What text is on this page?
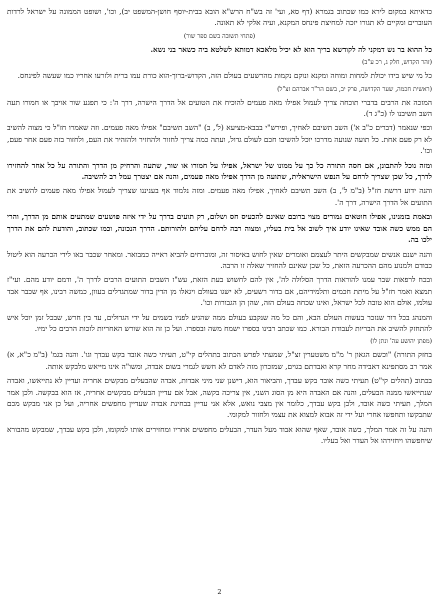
כדאיתא במקום לירא כמו שכתוב בגמרא (דף סא, ועי' זה בש"ח הרש"א הובא בבית-יוסף חושן-המשפט יב), וכו', ושופט הממונה על ישראל לרדות העוברים ומקיים לא תגורו יזכה למחיצת פינחס המקנא, ועיה אלקי לא תאונה.

(פתחי תשובה בשם ספר שור)

כל ההוא בר נש דמקני לה לקודשא בריך הוא לא יכיל מלאכא דמותא לשלטא ביה כשאר בני נשא.

(זהר הקדוש, חלק ג, רכ ע"ב)

כל מי שיש בידו יכולת למחות ומוחה ומקנא ונוקם נקמות מהרשעים בעולם הזה, הקדוש-ברוך-הוא כורת עמו ברית ולזרעו אחריו כמו שעשה לפינחס.

(ראשית חכמה, שער הקדושה, פרק יב, בשם הר"ר אברהם זצ"ל)

המזכה את הרבים בדברי תוכחה צריך לעמול אפילו מאה פעמים להוכיח את הטועים אל הדרך הישרה, דרך ה': כי תפגע שור אויבך או חמורו תעה השב תשיבנו לו (כ"ג ד).

וכפי שנאמר (דברים כ"ב א') השב תשיבם לאחיך, ופירש"י בבבא-מציעא (ל', ב) "השב תשיבם" אפילו מאה פעמים. וזה שאמרו חז"ל כי מצוה להשיב לא רק פעם אחת. כל תועה שנועה מדרכו יוכל להשיבו חכם לעולם גדול, ועתה כמה צריך לחזור ולהחזיר ולהזהיר את העם, ולחזור בזה פעם אחר פעם, וכו'.

ומזה נוכל להתבונן, אם חסה התורה כל כך על ממונו של ישראל, אפילו על חמורו או שור, שתעה והרחיק מן הדרך והתורה על כל אחד להחזירו לדרך, כל שכן שצריך לרחם על הנפש הישראלית, שתועה מן הדרך אפילו מאה פעמים, והנה אם יצטרך עמל רב להשיבה.

והנה ידוע דרשת חז"ל (ב"מ ל', ב) השב תשיבם לאחיך, אפילו מאה פעמים. ומזה נלמוד אף בעניננו שצריך לעמול אפילו מאה פעמים להשיב את התועים אל הדרך הישרה, דרך ה'.

ובאמת בזמנינו, אפילו חוטאים גמורים מצוי ברובם שאינם להכעיס חס ושלום, רק תועים בדרך על ידי איזה פושעים שמתעים אותם מן הדרך, והרי הם ממש כשה אובד שאינו יודע איך לשוב אל בית בעליו, ומצוה רבה לרחם עליהם ולהורותם. הדרך הנכונה, וכמו שכתוב, והודעת להם את הדרך ילכו בה.

והנה ישנם אנשים שמבקשים היתר לעצמם ואומרים שאין לחוש באיסור זה, ומוכרחים להביא ראייה כמבואר. ומאחר שכבר באו לידי הכרעה הוא ליטול כבודם ולמנוע מהם ההכרעה הזאת, כל שכן שאינם להחזיר שאלה זו הרבה.

ובכח לרפאות שבר עמנו להוראות הדרך הסלולה לה', אין להם לחשוש בעת הזאת, עש"ז השבים התועים הרבים לדרך ה', ודמם יודע מהם. ועי"ז תמצא ואמר חז"ל על מיתת חכמים ותלמידיהם, אם בדור רשעים, לא ישגו בעוולם ויגאלו מן הדין בדור שמתגדלים בעוון, כמשה רבינו, אף שכבר אבד עולמו, אולם הוא טובה לכל ישראל, ואינו שכחה בעולם הזה, שהן הן הגבורות וכו'.

והמנהג בכל דור שנזכר בעשות העולם הבא, והם כל מה שנקבע בעולם ממה שהגיע לפניו בשמים על ידי הגדולים, עד בין חרש, שבכל זמן יוכל איש להתחזק להשיב את הבריות לעבודת הבורא. כמו שכתב רבינו בספרו ישמח משה ובספרו. ועל כן זה הוא שורש האחריות לזכות הרבים כל ימיו.

(מפתן יהושע עה' ונתן לו)

בחזק התורה) "וכשם הגאון ר' מ"מ משטערין זצ"ל, שמעתי לפרש הכתוב בתהלים קי"ט, תעיתי כשה אובד בקש עבדך וגו'. והנה בגמ' (ב"מ כ"א, א) אמר רב מסתפינא דאבידה מחר קרא ואבדתם בגוים, שמזכרון מזה לאדם לא חשש לגמרי בשום אבדה, ומשו"ה אינו מייאש מלבקש אותה.

בכתוב (תהלים קי"ט) תעיתי כשה אובד בקש עבדך, והביאור הוא, דישנן שני מיני אבדות, אבדה שהבעלים מבקשים אחריה ועדיין לא נתייאשו, ואבדה שנתייאשו ממנה הבעלים, והנה אם האבדה היא מן הסוג השני, אין צריכה בקשה, אבל אם עדיין הבעלים מבקשים אחריה, אז הוא בבקשה. ולכן אמר המלך, תעיתי כשה אובד, ולכן בקש עבדך, כלומר אין מצבי נואש, אלא אני עדיין בבחינת אבדה שעדיין מחפשים אחריה, ועל כן אני מבקש מכם שתבקשו ותחפשו אחרי ועל ידי זה אבוא למצוא את עצמי ולחזור למקומי.

והנה על זה אמר המלך, כשה אובד, שאף שהוא אבוד מעל העדר, הבעלים מחפשים אחריו ומחזירים אותו למקומו, ולכן בקש עבדך, שמבקש מהבורא שיחפשהו ויחזירהו אל העדר ואל בעליו.

2
